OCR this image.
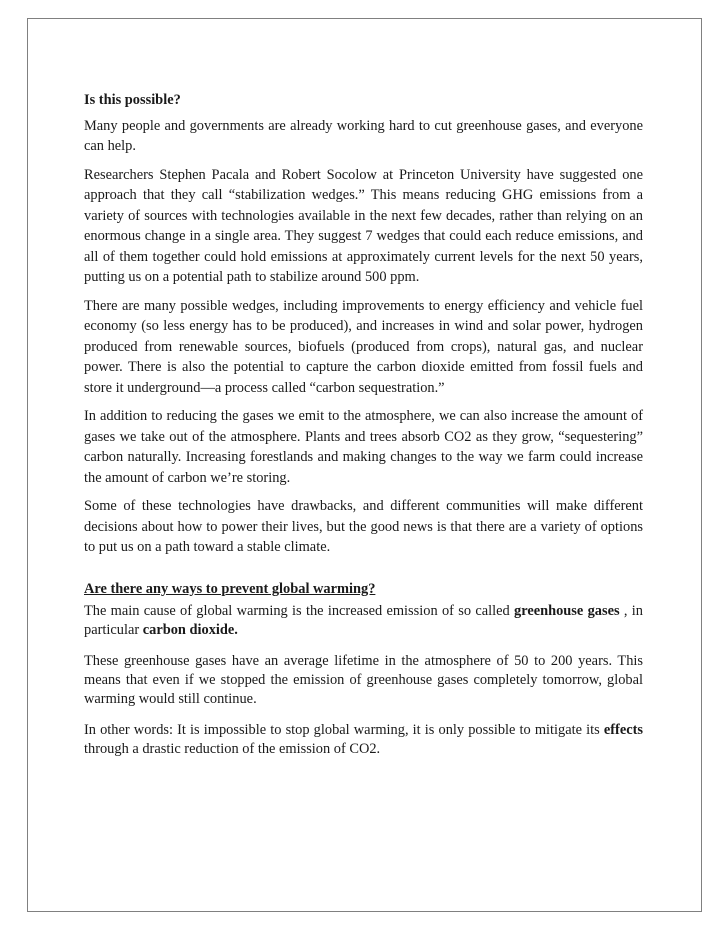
Is this possible?

Many people and governments are already working hard to cut greenhouse gases, and everyone can help.

Researchers Stephen Pacala and Robert Socolow at Princeton University have suggested one approach that they call “stabilization wedges.” This means reducing GHG emissions from a variety of sources with technologies available in the next few decades, rather than relying on an enormous change in a single area. They suggest 7 wedges that could each reduce emissions, and all of them together could hold emissions at approximately current levels for the next 50 years, putting us on a potential path to stabilize around 500 ppm.

There are many possible wedges, including improvements to energy efficiency and vehicle fuel economy (so less energy has to be produced), and increases in wind and solar power, hydrogen produced from renewable sources, biofuels (produced from crops), natural gas, and nuclear power. There is also the potential to capture the carbon dioxide emitted from fossil fuels and store it underground—a process called “carbon sequestration.”

In addition to reducing the gases we emit to the atmosphere, we can also increase the amount of gases we take out of the atmosphere. Plants and trees absorb CO2 as they grow, “sequestering” carbon naturally. Increasing forestlands and making changes to the way we farm could increase the amount of carbon we’re storing.

Some of these technologies have drawbacks, and different communities will make different decisions about how to power their lives, but the good news is that there are a variety of options to put us on a path toward a stable climate.

Are there any ways to prevent global warming?

The main cause of global warming is the increased emission of so called greenhouse gases , in particular carbon dioxide.

These greenhouse gases have an average lifetime in the atmosphere of 50 to 200 years. This means that even if we stopped the emission of greenhouse gases completely tomorrow, global warming would still continue.

In other words: It is impossible to stop global warming, it is only possible to mitigate its effects through a drastic reduction of the emission of CO2.
